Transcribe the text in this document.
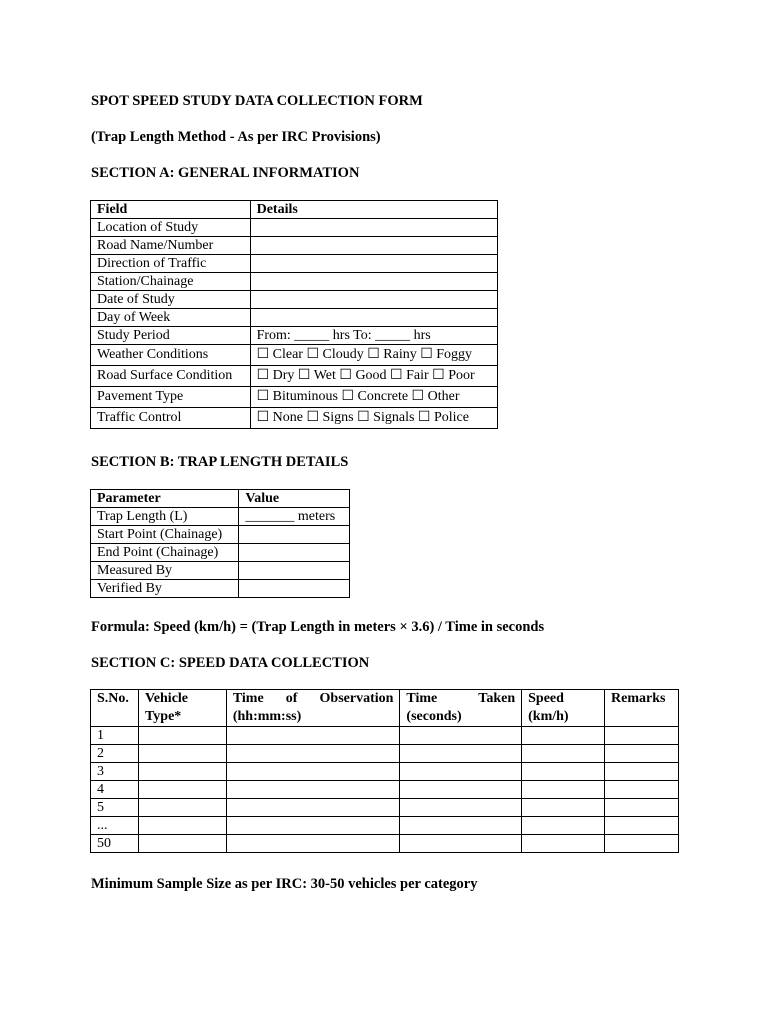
SPOT SPEED STUDY DATA COLLECTION FORM
(Trap Length Method - As per IRC Provisions)
SECTION A: GENERAL INFORMATION
Field	Details
Location of Study	
Road Name/Number	
Direction of Traffic	
Station/Chainage	
Date of Study	
Day of Week	
Study Period	From: _____ hrs To: _____ hrs
Weather Conditions	☐ Clear ☐ Cloudy ☐ Rainy ☐ Foggy
Road Surface Condition	☐ Dry ☐ Wet ☐ Good ☐ Fair ☐ Poor
Pavement Type	☐ Bituminous ☐ Concrete ☐ Other
Traffic Control	☐ None ☐ Signs ☐ Signals ☐ Police
SECTION B: TRAP LENGTH DETAILS
Parameter	Value
Trap Length (L)	_______ meters
Start Point (Chainage)	
End Point (Chainage)	
Measured By	
Verified By	
Formula: Speed (km/h) = (Trap Length in meters × 3.6) / Time in seconds
SECTION C: SPEED DATA COLLECTION
S.No.	Vehicle Type*	Time of Observation (hh:mm:ss)	Time Taken (seconds)	Speed (km/h)	Remarks
1					
2					
3					
4					
5					
...					
50					
Minimum Sample Size as per IRC: 30-50 vehicles per category
